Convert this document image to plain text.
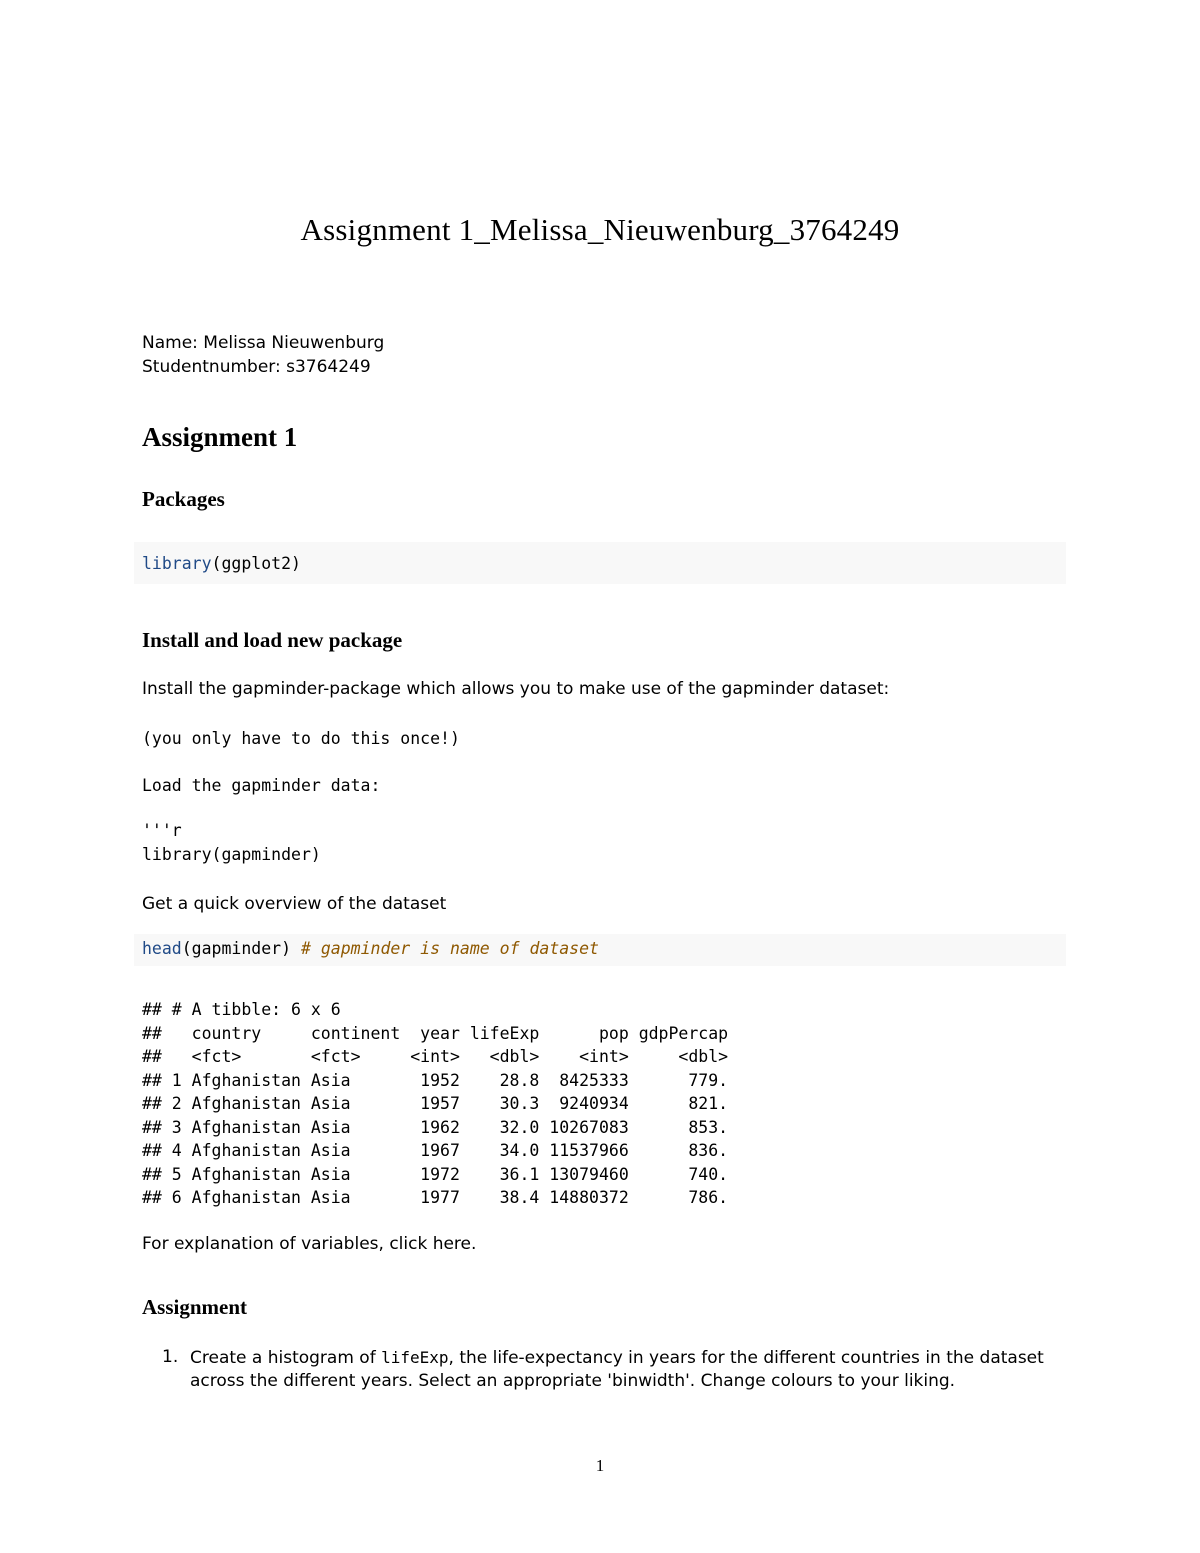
Assignment 1_Melissa_Nieuwenburg_3764249
Name: Melissa Nieuwenburg
Studentnumber: s3764249
Assignment 1
Packages
library(ggplot2)
Install and load new package
Install the gapminder-package which allows you to make use of the gapminder dataset:
(you only have to do this once!)
Load the gapminder data:
'''r
library(gapminder)
Get a quick overview of the dataset
head(gapminder) # gapminder is name of dataset
## # A tibble: 6 x 6
##   country     continent  year lifeExp      pop gdpPercap
##   <fct>       <fct>     <int>   <dbl>    <int>     <dbl>
## 1 Afghanistan Asia       1952    28.8  8425333      779.
## 2 Afghanistan Asia       1957    30.3  9240934      821.
## 3 Afghanistan Asia       1962    32.0 10267083      853.
## 4 Afghanistan Asia       1967    34.0 11537966      836.
## 5 Afghanistan Asia       1972    36.1 13079460      740.
## 6 Afghanistan Asia       1977    38.4 14880372      786.
For explanation of variables, click here.
Assignment
1. Create a histogram of lifeExp, the life-expectancy in years for the different countries in the dataset across the different years. Select an appropriate 'binwidth'. Change colours to your liking.
1
